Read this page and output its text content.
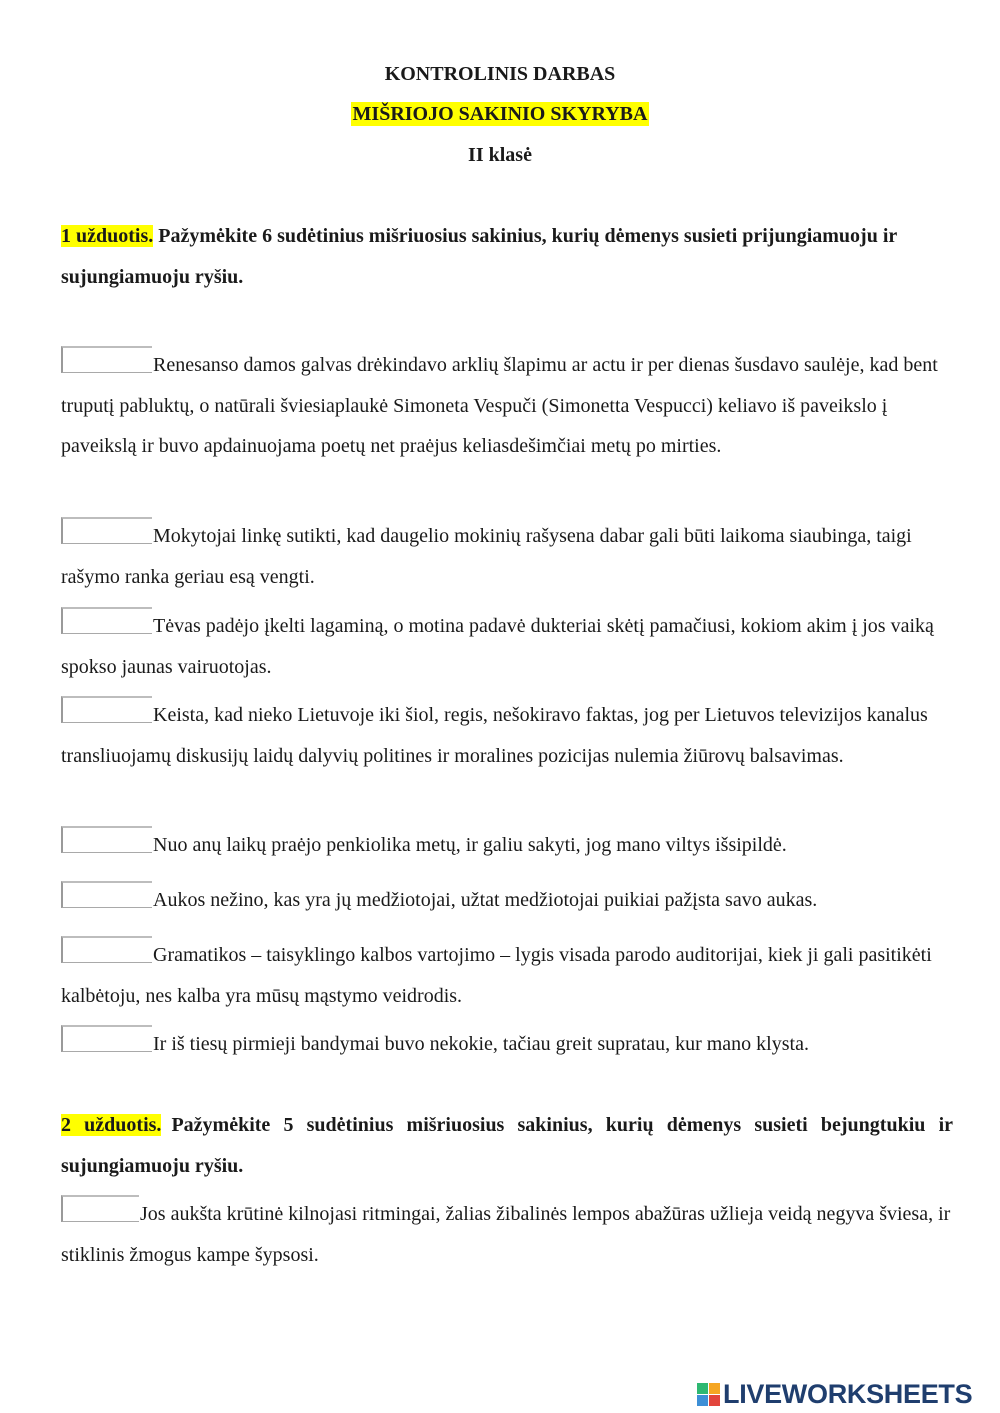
KONTROLINIS DARBAS
MIŠRIOJO SAKINIO SKYRYBA
II klasė
1 užduotis. Pažymėkite 6 sudėtinius mišriuosius sakinius, kurių dėmenys susieti prijungiamuoju ir sujungiamuoju ryšiu.
Renesanso damos galvas drėkindavo arklių šlapimu ar actu ir per dienas šusdavo saulėje, kad bent truputį pabluktų, o natūrali šviesiaplaukė Simoneta Vespuči (Simonetta Vespucci) keliavo iš paveikslo į paveikslą ir buvo apdainuojama poetų net praėjus keliasdešimčiai metų po mirties.
Mokytojai linkę sutikti, kad daugelio mokinių rašysena dabar gali būti laikoma siaubinga, taigi rašymo ranka geriau esą vengti.
Tėvas padėjo įkelti lagaminą, o motina padavė dukteriai skėtį pamačiusi, kokiom akim į jos vaiką spokso jaunas vairuotojas.
Keista, kad nieko Lietuvoje iki šiol, regis, nešokiravo faktas, jog per Lietuvos televizijos kanalus transliuojamų diskusijų laidų dalyvių politines ir moralines pozicijas nulemia žiūrovų balsavimas.
Nuo anų laikų praėjo penkiolika metų, ir galiu sakyti, jog mano viltys išsipildė.
Aukos nežino, kas yra jų medžiotojai, užtat medžiotojai puikiai pažįsta savo aukas.
Gramatikos – taisyklingo kalbos vartojimo – lygis visada parodo auditorijai, kiek ji gali pasitikėti kalbėtoju, nes kalba yra mūsų mąstymo veidrodis.
Ir iš tiesų pirmieji bandymai buvo nekokie, tačiau greit supratau, kur mano klysta.
2 užduotis. Pažymėkite 5 sudėtinius mišriuosius sakinius, kurių dėmenys susieti bejungtukiu ir sujungiamuoju ryšiu.
Jos aukšta krūtinė kilnojasi ritmingai, žalias žibalinės lempos abažūras užlieja veidą negyva šviesa, ir stiklinis žmogus kampe šypsosi.
LIVEWORKSHEETS
